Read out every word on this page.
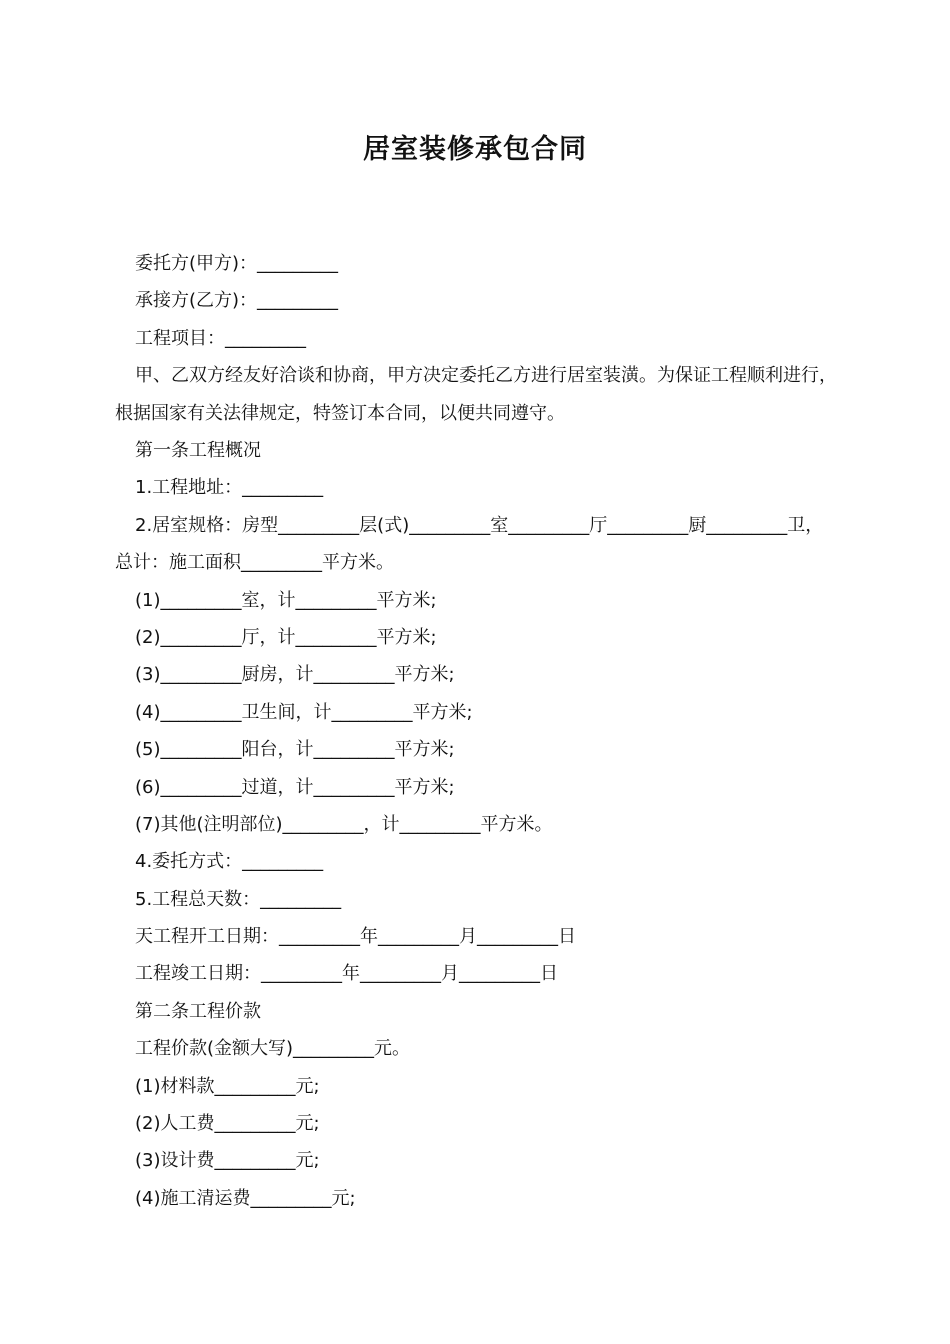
居室装修承包合同
委托方(甲方)：_________
承接方(乙方)：_________
工程项目：_________
甲、乙双方经友好洽谈和协商，甲方决定委托乙方进行居室装潢。为保证工程顺利进行，根据国家有关法律规定，特签订本合同，以便共同遵守。
第一条工程概况
1.工程地址：_________
2.居室规格：房型_________层(式)_________室_________厅_________厨_________卫，总计：施工面积_________平方米。
(1)_________室，计_________平方米;
(2)_________厅，计_________平方米;
(3)_________厨房，计_________平方米;
(4)_________卫生间，计_________平方米;
(5)_________阳台，计_________平方米;
(6)_________过道，计_________平方米;
(7)其他(注明部位)_________，计_________平方米。
4.委托方式：_________
5.工程总天数：_________
天工程开工日期：_________年_________月_________日
工程竣工日期：_________年_________月_________日
第二条工程价款
工程价款(金额大写)_________元。
(1)材料款_________元;
(2)人工费_________元;
(3)设计费_________元;
(4)施工清运费_________元;
